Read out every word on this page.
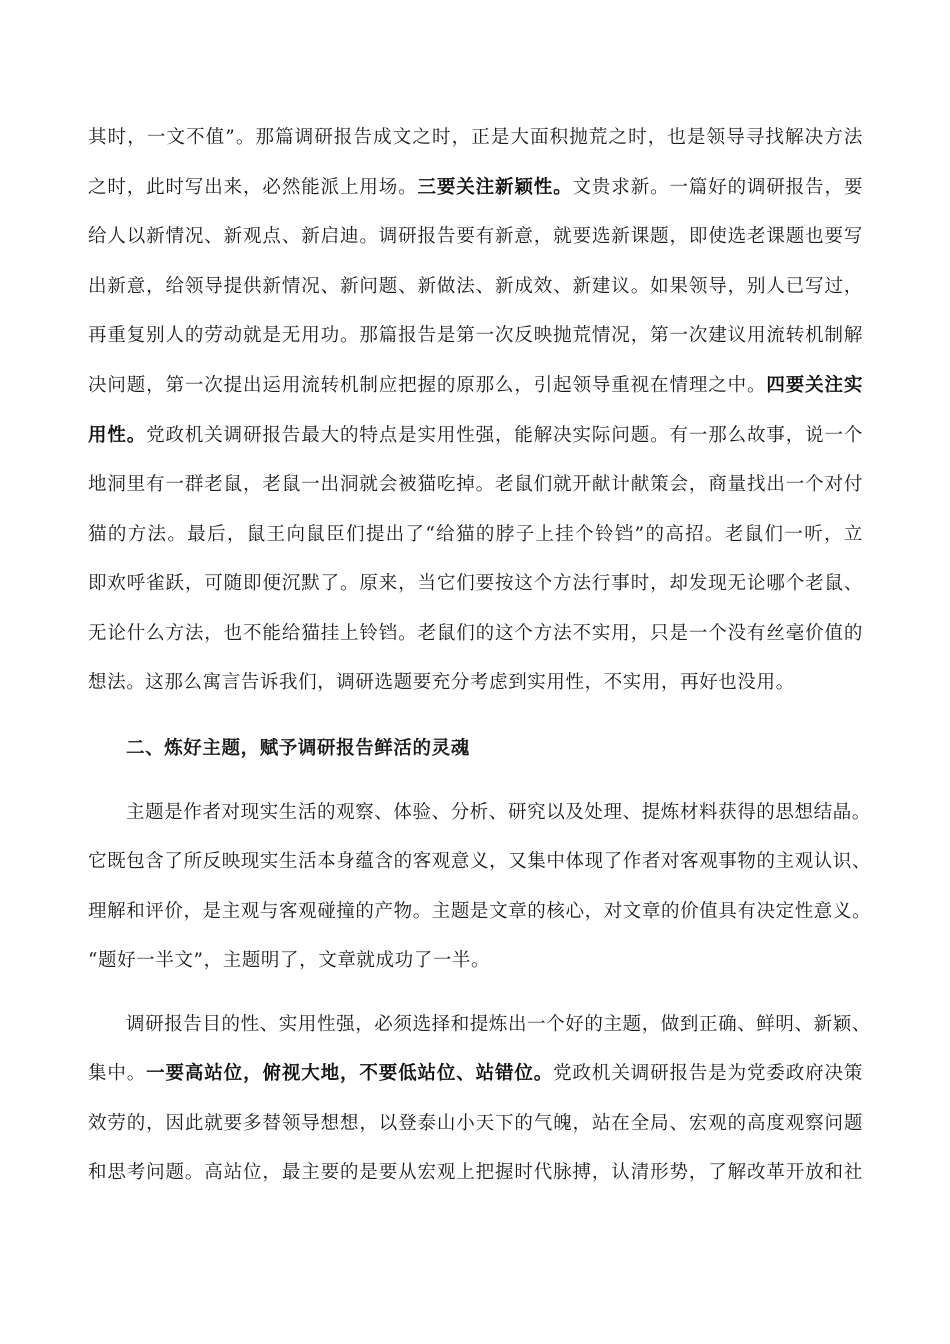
其时，一文不值”。那篇调研报告成文之时，正是大面积抛荒之时，也是领导寻找解决方法
之时，此时写出来，必然能派上用场。三要关注新颖性。文贵求新。一篇好的调研报告，要
给人以新情况、新观点、新启迪。调研报告要有新意，就要选新课题，即使选老课题也要写
出新意，给领导提供新情况、新问题、新做法、新成效、新建议。如果领导，别人已写过，
再重复别人的劳动就是无用功。那篇报告是第一次反映抛荒情况，第一次建议用流转机制解
决问题，第一次提出运用流转机制应把握的原那么，引起领导重视在情理之中。四要关注实
用性。党政机关调研报告最大的特点是实用性强，能解决实际问题。有一那么故事，说一个
地洞里有一群老鼠，老鼠一出洞就会被猫吃掉。老鼠们就开献计献策会，商量找出一个对付
猫的方法。最后，鼠王向鼠臣们提出了“给猫的脖子上挂个铃铛”的高招。老鼠们一听，立
即欢呼雀跃，可随即便沉默了。原来，当它们要按这个方法行事时，却发现无论哪个老鼠、
无论什么方法，也不能给猫挂上铃铛。老鼠们的这个方法不实用，只是一个没有丝毫价值的
想法。这那么寓言告诉我们，调研选题要充分考虑到实用性，不实用，再好也没用。
二、炼好主题，赋予调研报告鲜活的灵魂
主题是作者对现实生活的观察、体验、分析、研究以及处理、提炼材料获得的思想结晶。
它既包含了所反映现实生活本身蕴含的客观意义，又集中体现了作者对客观事物的主观认识、
理解和评价，是主观与客观碰撞的产物。主题是文章的核心，对文章的价值具有决定性意义。
“题好一半文”，主题明了，文章就成功了一半。
调研报告目的性、实用性强，必须选择和提炼出一个好的主题，做到正确、鲜明、新颖、
集中。一要高站位，俯视大地，不要低站位、站错位。党政机关调研报告是为党委政府决策
效劳的，因此就要多替领导想想，以登泰山小天下的气魄，站在全局、宏观的高度观察问题
和思考问题。高站位，最主要的是要从宏观上把握时代脉搏，认清形势，了解改革开放和社
